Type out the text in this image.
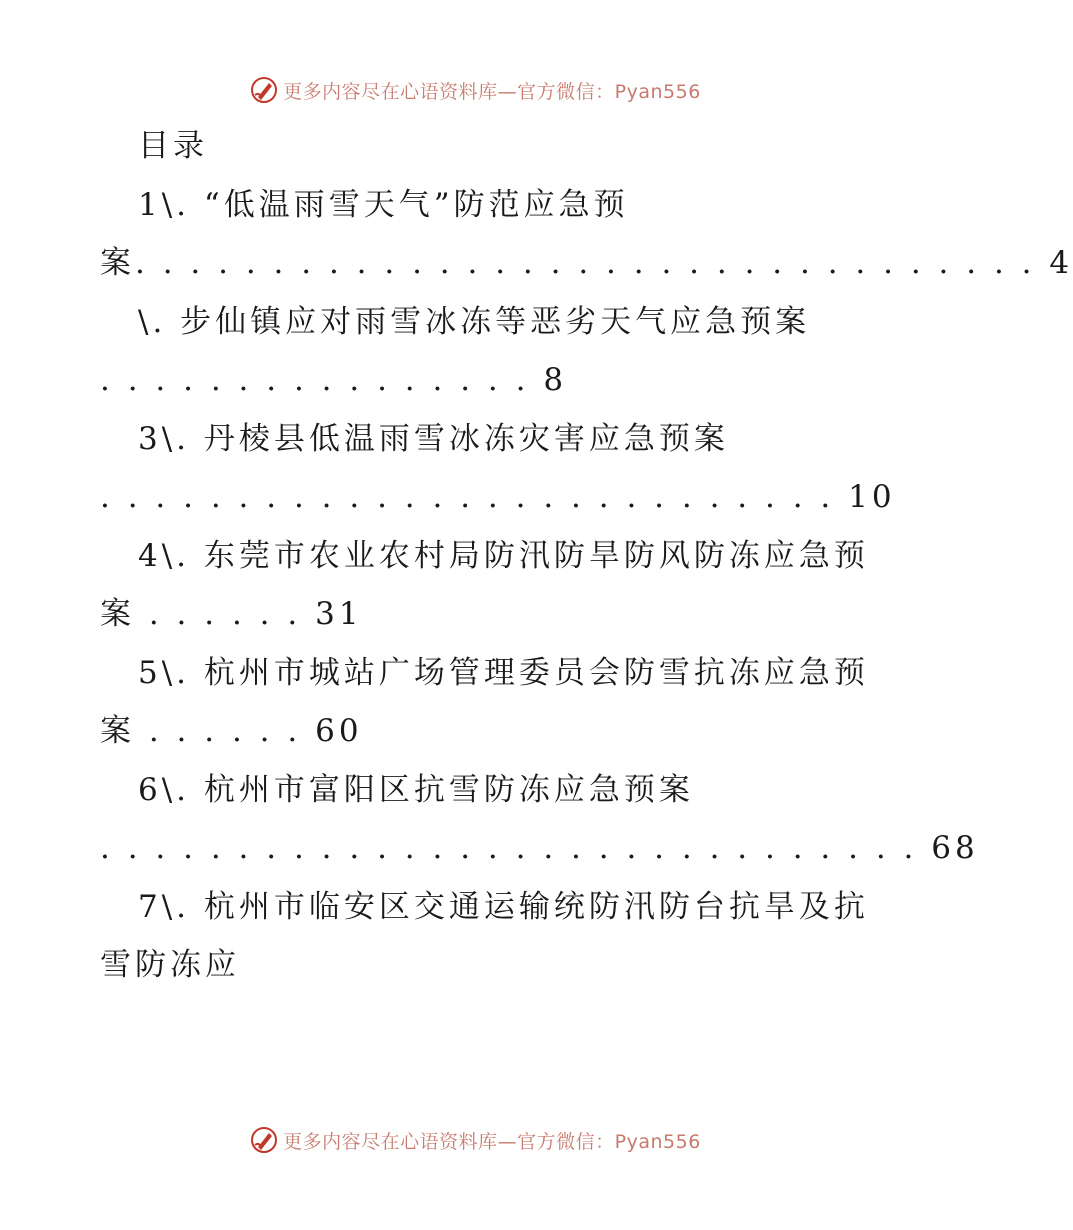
更多内容尽在心语资料库—官方微信：Pyan556
目录
1\. “低温雨雪天气”防范应急预
案. . . . . . . . . . . . . . . . . . . . . . . . . . . . . . . . . 4
\. 步仙镇应对雨雪冰冻等恶劣天气应急预案
. . . . . . . . . . . . . . . . 8
3\. 丹棱县低温雨雪冰冻灾害应急预案
. . . . . . . . . . . . . . . . . . . . . . . . . . . 10
4\. 东莞市农业农村局防汛防旱防风防冻应急预
案 . . . . . . 31
5\. 杭州市城站广场管理委员会防雪抗冻应急预
案 . . . . . . 60
6\. 杭州市富阳区抗雪防冻应急预案
. . . . . . . . . . . . . . . . . . . . . . . . . . . . . . 68
7\. 杭州市临安区交通运输统防汛防台抗旱及抗
雪防冻应
更多内容尽在心语资料库—官方微信：Pyan556
